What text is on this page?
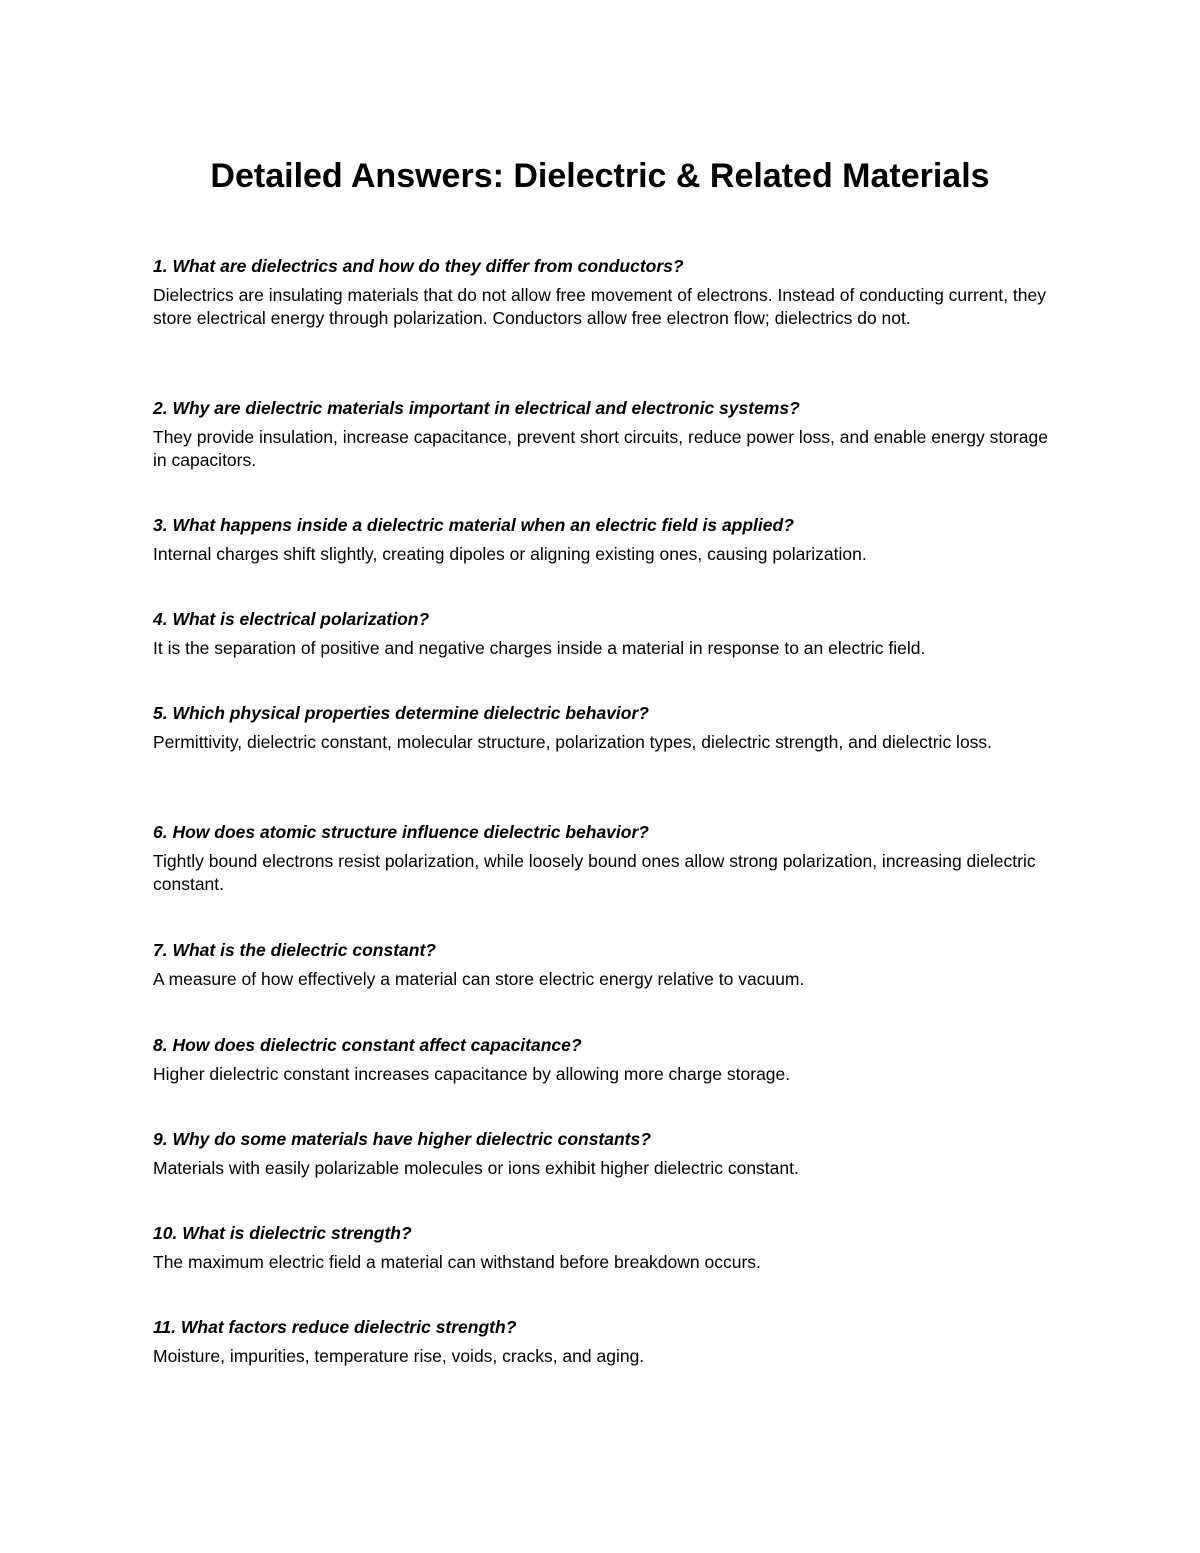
Detailed Answers: Dielectric & Related Materials

1. What are dielectrics and how do they differ from conductors?

Dielectrics are insulating materials that do not allow free movement of electrons. Instead of conducting current, they store electrical energy through polarization. Conductors allow free electron flow; dielectrics do not.

2. Why are dielectric materials important in electrical and electronic systems?

They provide insulation, increase capacitance, prevent short circuits, reduce power loss, and enable energy storage in capacitors.

3. What happens inside a dielectric material when an electric field is applied?

Internal charges shift slightly, creating dipoles or aligning existing ones, causing polarization.

4. What is electrical polarization?

It is the separation of positive and negative charges inside a material in response to an electric field.

5. Which physical properties determine dielectric behavior?

Permittivity, dielectric constant, molecular structure, polarization types, dielectric strength, and dielectric loss.

6. How does atomic structure influence dielectric behavior?

Tightly bound electrons resist polarization, while loosely bound ones allow strong polarization, increasing dielectric constant.

7. What is the dielectric constant?

A measure of how effectively a material can store electric energy relative to vacuum.

8. How does dielectric constant affect capacitance?

Higher dielectric constant increases capacitance by allowing more charge storage.

9. Why do some materials have higher dielectric constants?

Materials with easily polarizable molecules or ions exhibit higher dielectric constant.

10. What is dielectric strength?

The maximum electric field a material can withstand before breakdown occurs.

11. What factors reduce dielectric strength?

Moisture, impurities, temperature rise, voids, cracks, and aging.
